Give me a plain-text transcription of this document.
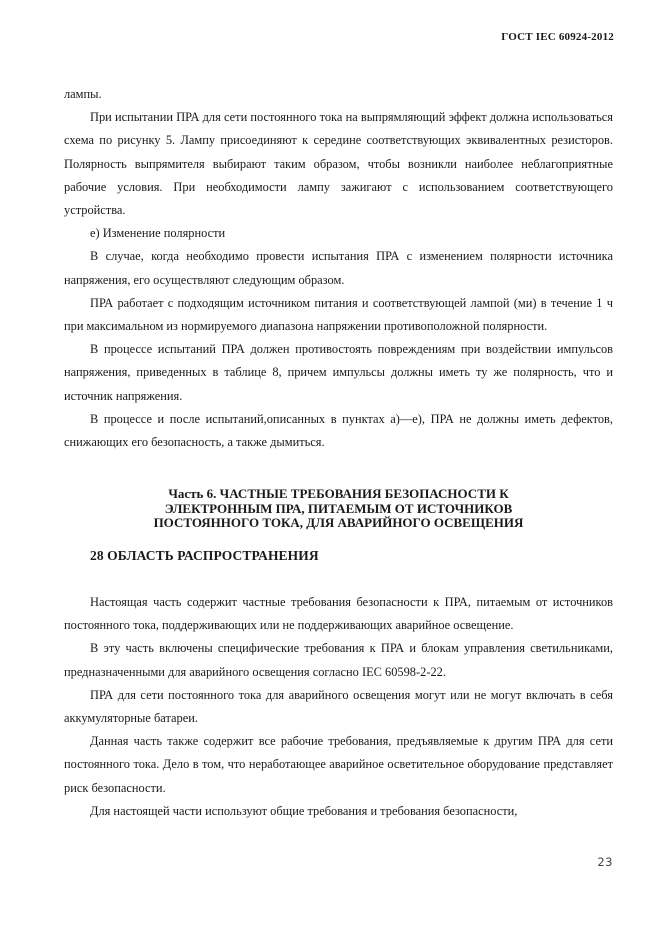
ГОСТ IEC 60924-2012

лампы.

При испытании ПРА для сети постоянного тока на выпрямляющий эффект должна использоваться схема по рисунку 5. Лампу присоединяют к середине соответствующих эквивалентных резисторов. Полярность выпрямителя выбирают таким образом, чтобы возникли наиболее неблагоприятные рабочие условия. При необходимости лампу зажигают с использованием соответствующего устройства.

е) Изменение полярности

В случае, когда необходимо провести испытания ПРА с изменением полярности источника напряжения, его осуществляют следующим образом.

ПРА работает с подходящим источником питания и соответствующей лампой (ми) в течение 1 ч при максимальном из нормируемого диапазона напряжении противоположной полярности.

В процессе испытаний ПРА должен противостоять повреждениям при воздействии импульсов напряжения, приведенных в таблице 8, причем импульсы должны иметь ту же полярность, что и источник напряжения.

В процессе и после испытаний,описанных в пунктах а)—е), ПРА не должны иметь дефектов, снижающих его безопасность, а также дымиться.

Часть 6. ЧАСТНЫЕ ТРЕБОВАНИЯ БЕЗОПАСНОСТИ К
ЭЛЕКТРОННЫМ ПРА, ПИТАЕМЫМ ОТ ИСТОЧНИКОВ
ПОСТОЯННОГО ТОКА, ДЛЯ АВАРИЙНОГО ОСВЕЩЕНИЯ
28 ОБЛАСТЬ РАСПРОСТРАНЕНИЯ

Настоящая часть содержит частные требования безопасности к ПРА, питаемым от источников постоянного тока, поддерживающих или не поддерживающих аварийное освещение.

В эту часть включены специфические требования к ПРА и блокам управления светильниками, предназначенными для аварийного освещения согласно IEC 60598-2-22.

ПРА для сети постоянного тока для аварийного освещения могут или не могут включать в себя аккумуляторные батареи.

Данная часть также содержит все рабочие требования, предъявляемые к другим ПРА для сети постоянного тока. Дело в том, что неработающее аварийное осветительное оборудование представляет риск безопасности.

Для настоящей части используют общие требования и требования безопасности,

23
